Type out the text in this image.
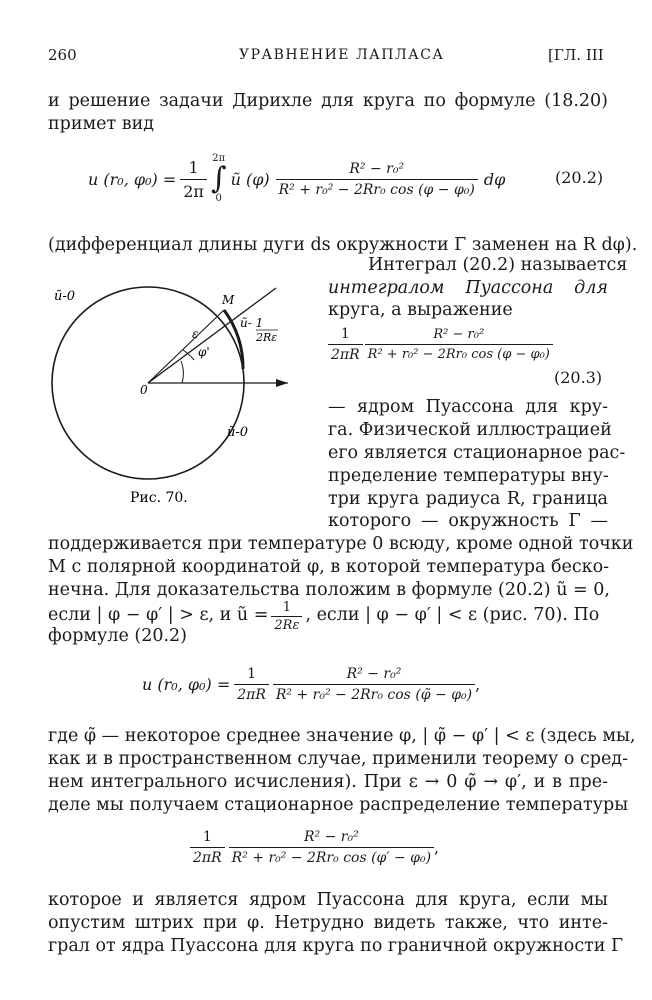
260	УРАВНЕНИЕ ЛАПЛАСА	[ГЛ. III
и решение задачи Дирихле для круга по формуле (18.20)
примет вид
u (r₀, $\varphi_0) = \frac{1}{2\pi} 2\pi$
∫
0
ũ $(\varphi) \frac{\text{R² − r₀²}}{\text{R² + r₀² − 2Rr₀ cos (φ − φ₀)}}$ dφ	(20.2)
(дифференциал длины дуги ds окружности Γ заменен на R dφ).
ũ-0	M
0
ε
φ'
ũ- 1
2Rε
ũ-0
Рис. 70.
Интеграл (20.2) называется
интегралом Пуассона для
круга, а выражение
$\frac{1}{2\pi R} \frac{\text{R² − r₀²}}{\text{R² + r₀² − 2Rr₀ cos (φ − φ₀)}}$
(20.3)
— ядром Пуассона для кру-
га. Физической иллюстрацией
его является стационарное рас-
пределение температуры вну-
три круга радиуса R, граница
которого — окружность Γ —
поддерживается при температуре 0 всюду, кроме одной точки
M с полярной координатой φ, в которой температура беско-
нечна. Для доказательства положим в формуле (20.2) ũ = 0,
если | φ − φ′ | > ε, и ũ = $\frac{1}{2R\varepsilon}$ , если | φ − φ′ | < ε (рис. 70). По
формуле (20.2)
u (r₀, $\varphi_0) = \frac{1}{2\pi R} \frac{\text{R² − r₀²}}{\text{R² + r₀² − 2Rr₀ cos (φ̃ − φ₀)}}$ ,
где φ̃ — некоторое среднее значение φ, | φ̃ − φ′ | < ε (здесь мы,
как и в пространственном случае, применили теорему о сред-
нем интегрального исчисления). При ε → 0 φ̃ → φ′, и в пре-
деле мы получаем стационарное распределение температуры
$\frac{1}{2\pi R} \frac{\text{R² − r₀²}}{\text{R² + r₀² − 2Rr₀ cos (φ′ − φ₀)}}$ ,
которое и является ядром Пуассона для круга, если мы
опустим штрих при φ. Нетрудно видеть также, что инте-
грал от ядра Пуассона для круга по граничной окружности Γ
